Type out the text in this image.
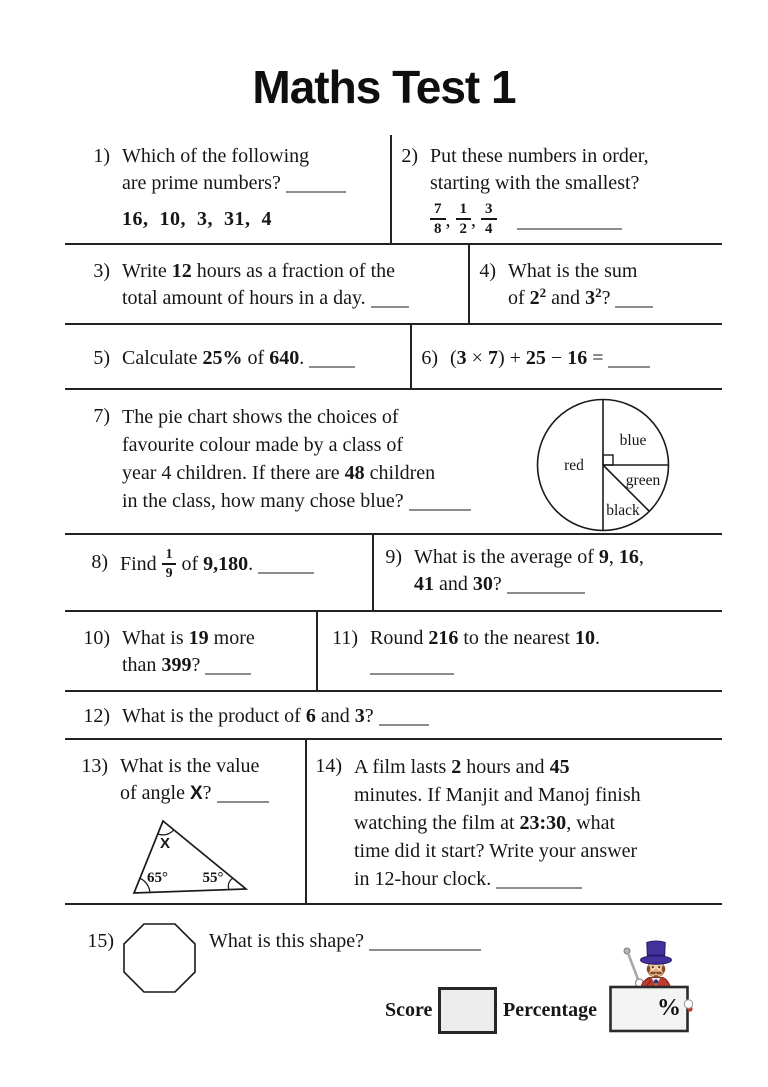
Maths Test 1
1) Which of the following
are prime numbers?
16,  10,  3,  31,  4
2) Put these numbers in order,
starting with the smallest?
$\frac{7}{8}$ , $\frac{1}{2}$ , $\frac{3}{4}$

3) Write 12 hours as a fraction of the
total amount of hours in a day.
4) What is the sum
of $2^2$ and $3^2$?
5) Calculate 25% of 640.	6) (3 × 7) + 25 − 16 =
7) The pie chart shows the choices of
favourite colour made by a class of
year 4 children. If there are 48 children
in the class, how many chose blue?
red
blue
green
black
8) Find $\frac{1}{9}$ of 9,180.	9) What is the average of 9, 16,
41 and 30?
10) What is 19 more
than 399?
11) Round 216 to the nearest 10.
12) What is the product of 6 and 3?
13) What is the value
of angle X?
X
65° 55°
14) A film lasts 2 hours and 45
minutes. If Manjit and Manoj finish
watching the film at 23:30, what
time did it start? Write your answer
in 12-hour clock.
15)	What is this shape?
Score	Percentage %
